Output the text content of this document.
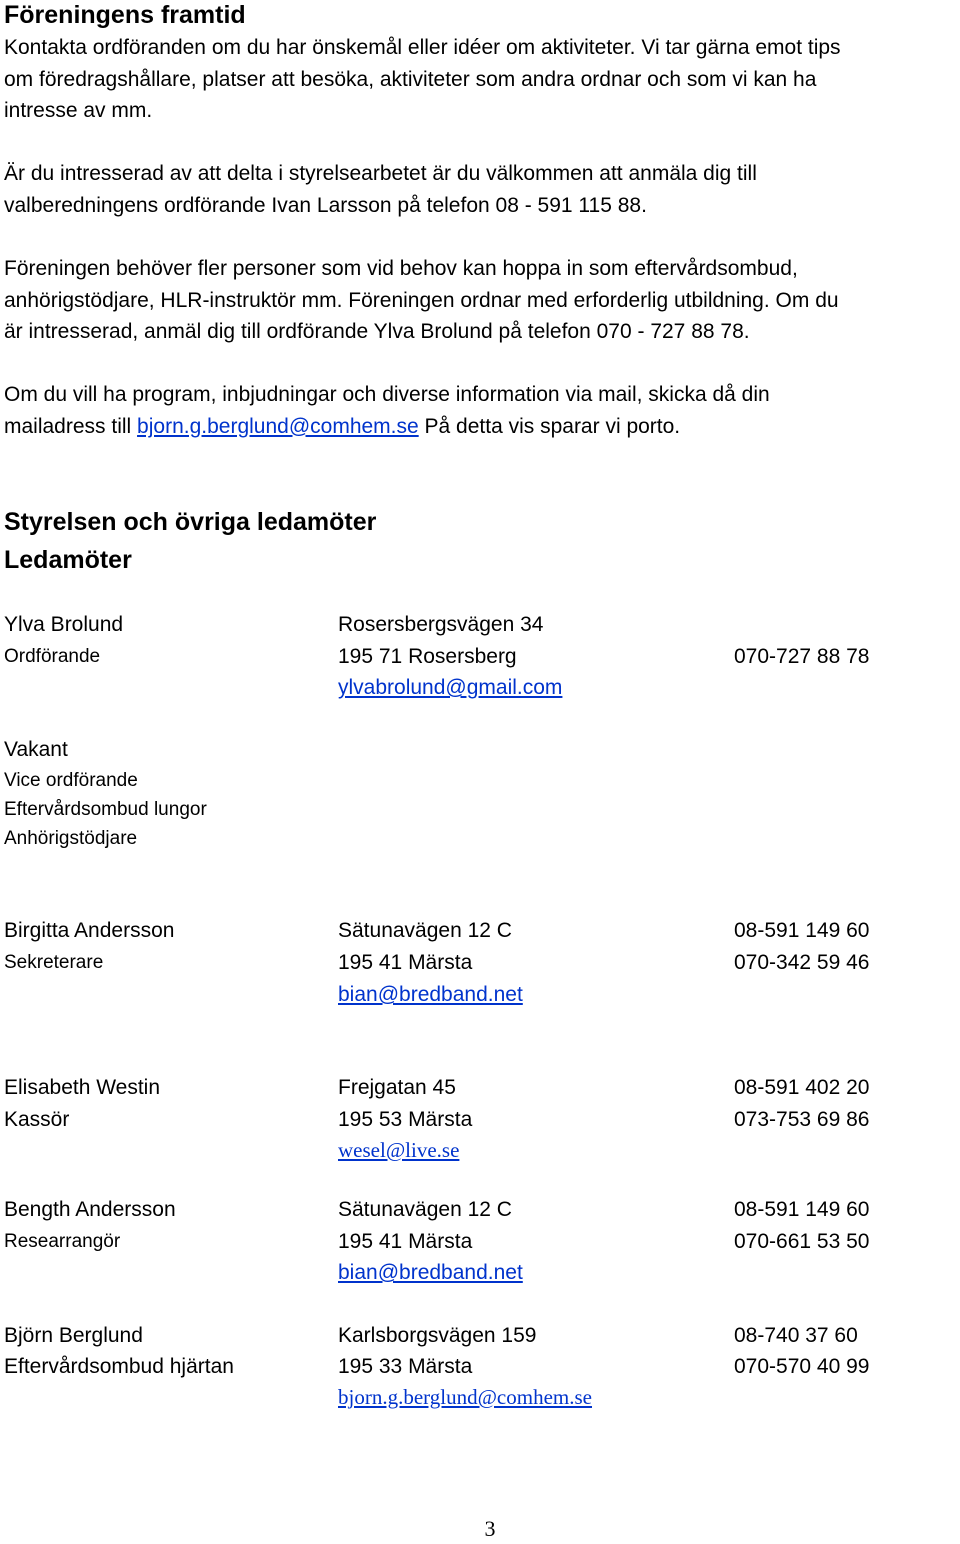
Föreningens framtid

Kontakta ordföranden om du har önskemål eller idéer om aktiviteter. Vi tar gärna emot tips
om föredragshållare, platser att besöka, aktiviteter som andra ordnar och som vi kan ha
intresse av mm.

Är du intresserad av att delta i styrelsearbetet är du välkommen att anmäla dig till
valberedningens ordförande Ivan Larsson på telefon 08 - 591 115 88.

Föreningen behöver fler personer som vid behov kan hoppa in som eftervårdsombud,
anhörigstödjare, HLR-instruktör mm. Föreningen ordnar med erforderlig utbildning. Om du
är intresserad, anmäl dig till ordförande Ylva Brolund på telefon 070 - 727 88 78.

Om du vill ha program, inbjudningar och diverse information via mail, skicka då din
mailadress till bjorn.g.berglund@comhem.se På detta vis sparar vi porto.

Styrelsen och övriga ledamöter
Ledamöter
Ylva Brolund	Rosersbergsvägen 34
Ordförande	195 71 Rosersberg	070-727 88 78
ylvabrolund@gmail.com
Vakant
Vice ordförande
Eftervårdsombud lungor
Anhörigstödjare
Birgitta Andersson	Sätunavägen 12 C	08-591 149 60
Sekreterare	195 41 Märsta	070-342 59 46
bian@bredband.net
Elisabeth Westin	Frejgatan 45	08-591 402 20
Kassör	195 53 Märsta	073-753 69 86
wesel@live.se
Bength Andersson	Sätunavägen 12 C	08-591 149 60
Researrangör	195 41 Märsta	070-661 53 50
bian@bredband.net
Björn Berglund	Karlsborgsvägen 159	08-740 37 60
Eftervårdsombud hjärtan	195 33 Märsta	070-570 40 99
bjorn.g.berglund@comhem.se
3
